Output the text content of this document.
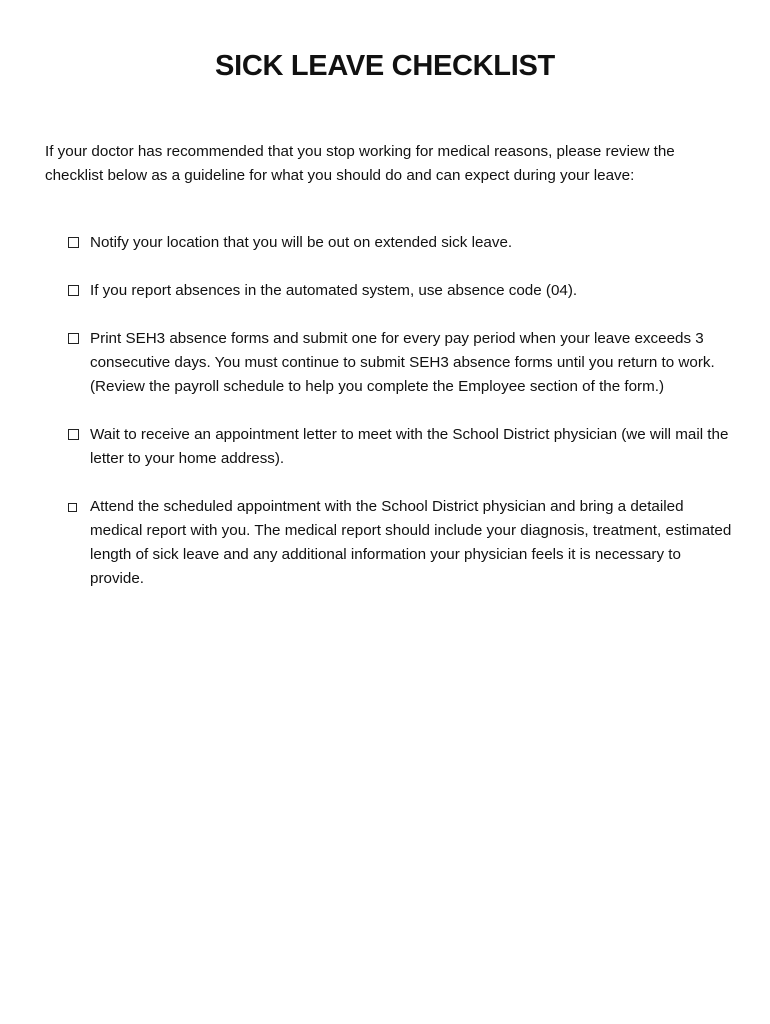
SICK LEAVE CHECKLIST

If your doctor has recommended that you stop working for medical reasons, please review the checklist below as a guideline for what you should do and can expect during your leave:

Notify your location that you will be out on extended sick leave.
If you report absences in the automated system, use absence code (04).
Print SEH3 absence forms and submit one for every pay period when your leave exceeds 3 consecutive days. You must continue to submit SEH3 absence forms until you return to work. (Review the payroll schedule to help you complete the Employee section of the form.)
Wait to receive an appointment letter to meet with the School District physician (we will mail the letter to your home address).
Attend the scheduled appointment with the School District physician and bring a detailed medical report with you. The medical report should include your diagnosis, treatment, estimated length of sick leave and any additional information your physician feels it is necessary to provide.
